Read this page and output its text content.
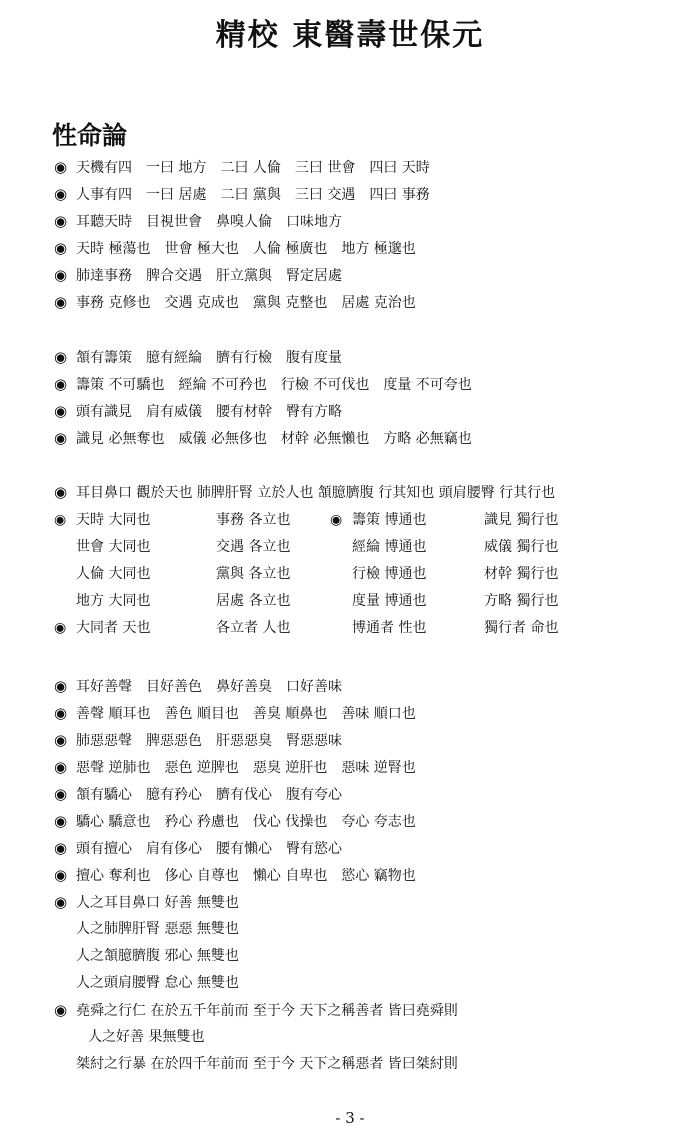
精校 東醫壽世保元
性命論
◉ 天機有四　一曰 地方　二曰 人倫　三曰 世會　四曰 天時
◉ 人事有四　一曰 居處　二曰 黨與　三曰 交遇　四曰 事務
◉ 耳聽天時　目視世會　鼻嗅人倫　口味地方
◉ 天時 極蕩也　世會 極大也　人倫 極廣也　地方 極邈也
◉ 肺達事務　脾合交遇　肝立黨與　腎定居處
◉ 事務 克修也　交遇 克成也　黨與 克整也　居處 克治也
◉ 頷有籌策　臆有經綸　臍有行檢　腹有度量
◉ 籌策 不可驕也　經綸 不可矜也　行檢 不可伐也　度量 不可夸也
◉ 頭有識見　肩有威儀　腰有材幹　臀有方略
◉ 識見 必無奪也　威儀 必無侈也　材幹 必無懶也　方略 必無竊也
◉ 耳目鼻口 觀於天也 肺脾肝腎 立於人也 頷臆臍腹 行其知也 頭肩腰臀 行其行也
◉ 耳好善聲　目好善色　鼻好善臭　口好善味
◉ 善聲 順耳也　善色 順目也　善臭 順鼻也　善味 順口也
◉ 肺惡惡聲　脾惡惡色　肝惡惡臭　腎惡惡味
◉ 惡聲 逆肺也　惡色 逆脾也　惡臭 逆肝也　惡味 逆腎也
◉ 頷有驕心　臆有矜心　臍有伐心　腹有夸心
◉ 驕心 驕意也　矜心 矜慮也　伐心 伐操也　夸心 夸志也
◉ 頭有擅心　肩有侈心　腰有懶心　臀有慾心
◉ 擅心 奪利也　侈心 自尊也　懶心 自卑也　慾心 竊物也
◉ 人之耳目鼻口 好善 無雙也
人之肺脾肝腎 惡惡 無雙也
人之頷臆臍腹 邪心 無雙也
人之頭肩腰臀 怠心 無雙也
◉ 堯舜之行仁 在於五千年前而 至于今 天下之稱善者 皆曰堯舜則
人之好善 果無雙也
桀紂之行暴 在於四千年前而 至于今 天下之稱惡者 皆曰桀紂則
- 3 -
◉ 天時 大同也	事務 各立也	◉ 籌策 博通也	識見 獨行也
世會 大同也	交遇 各立也	經綸 博通也	威儀 獨行也
人倫 大同也	黨與 各立也	行檢 博通也	材幹 獨行也
地方 大同也	居處 各立也	度量 博通也	方略 獨行也
◉ 大同者 天也	各立者 人也	博通者 性也	獨行者 命也
